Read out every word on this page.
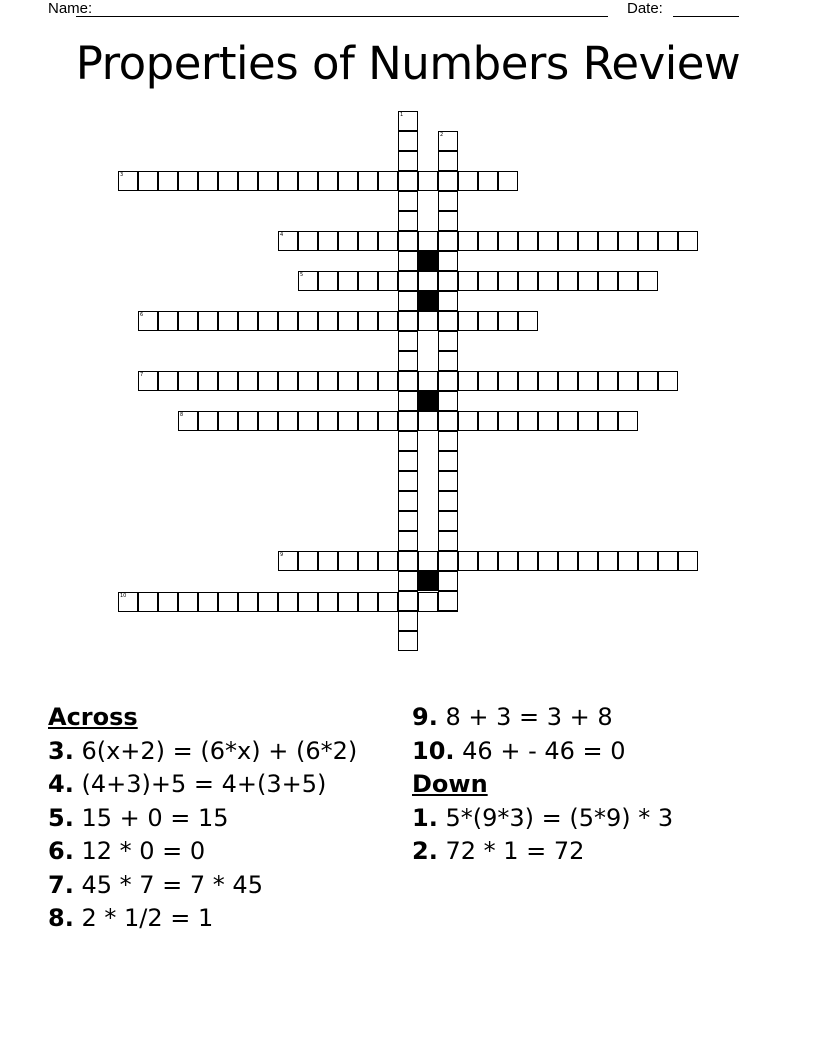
Name:	Date:
Properties of Numbers Review
3
4
5
6
7
8
9
10
1
2
Across
3. 6(x+2) = (6*x) + (6*2)
4. (4+3)+5 = 4+(3+5)
5. 15 + 0 = 15
6. 12 * 0 = 0
7. 45 * 7 = 7 * 45
8. 2 * 1/2 = 1
9. 8 + 3 = 3 + 8
10. 46 + - 46 = 0
Down
1. 5*(9*3) = (5*9) * 3
2. 72 * 1 = 72
